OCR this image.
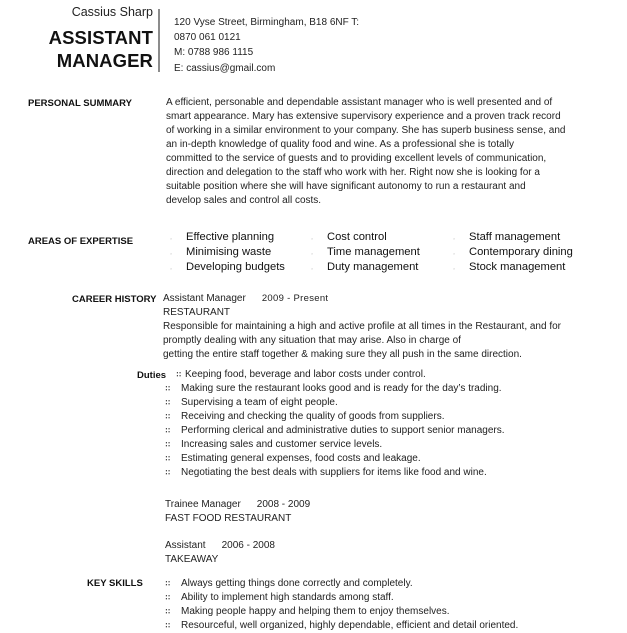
Cassius Sharp
ASSISTANT
MANAGER
120 Vyse Street, Birmingham, B18 6NF T:
0870 061 0121
M: 0788 986 1115
E: cassius@gmail.com
PERSONAL SUMMARY	A efficient, personable and dependable assistant manager who is well presented and of
smart appearance. Mary has extensive supervisory experience and a proven track record
of working in a similar environment to your company. She has superb business sense, and
an in-depth knowledge of quality food and wine. As a professional she is totally
committed to the service of guests and to providing excellent levels of communication,
direction and delegation to the staff who work with her. Right now she is looking for a
suitable position where she will have significant autonomy to run a restaurant and
develop sales and control all costs.
AREAS OF EXPERTISE	¸ Effective planning
¸ Minimising waste
¸ Developing budgets
¸ Cost control
¸ Time management
¸ Duty management
¸ Staff management
¸ Contemporary dining
¸ Stock management
CAREER HISTORY Assistant Manager 2009 - Present
RESTAURANT
Responsible for maintaining a high and active profile at all times in the Restaurant, and for
promptly dealing with any situation that may arise. Also in charge of
getting the entire staff together & making sure they all push in the same direction.
Duties ∷ Keeping food, beverage and labor costs under control.
∷ Making sure the restaurant looks good and is ready for the day’s trading.
∷ Supervising a team of eight people.
∷ Receiving and checking the quality of goods from suppliers.
∷ Performing clerical and administrative duties to support senior managers.
∷ Increasing sales and customer service levels.
∷ Estimating general expenses, food costs and leakage.
∷ Negotiating the best deals with suppliers for items like food and wine.
Trainee Manager 2008 - 2009
FAST FOOD RESTAURANT
Assistant 2006 - 2008
TAKEAWAY
KEY SKILLS ∷ Always getting things done correctly and completely.
∷ Ability to implement high standards among staff.
∷ Making people happy and helping them to enjoy themselves.
∷ Resourceful, well organized, highly dependable, efficient and detail oriented.
